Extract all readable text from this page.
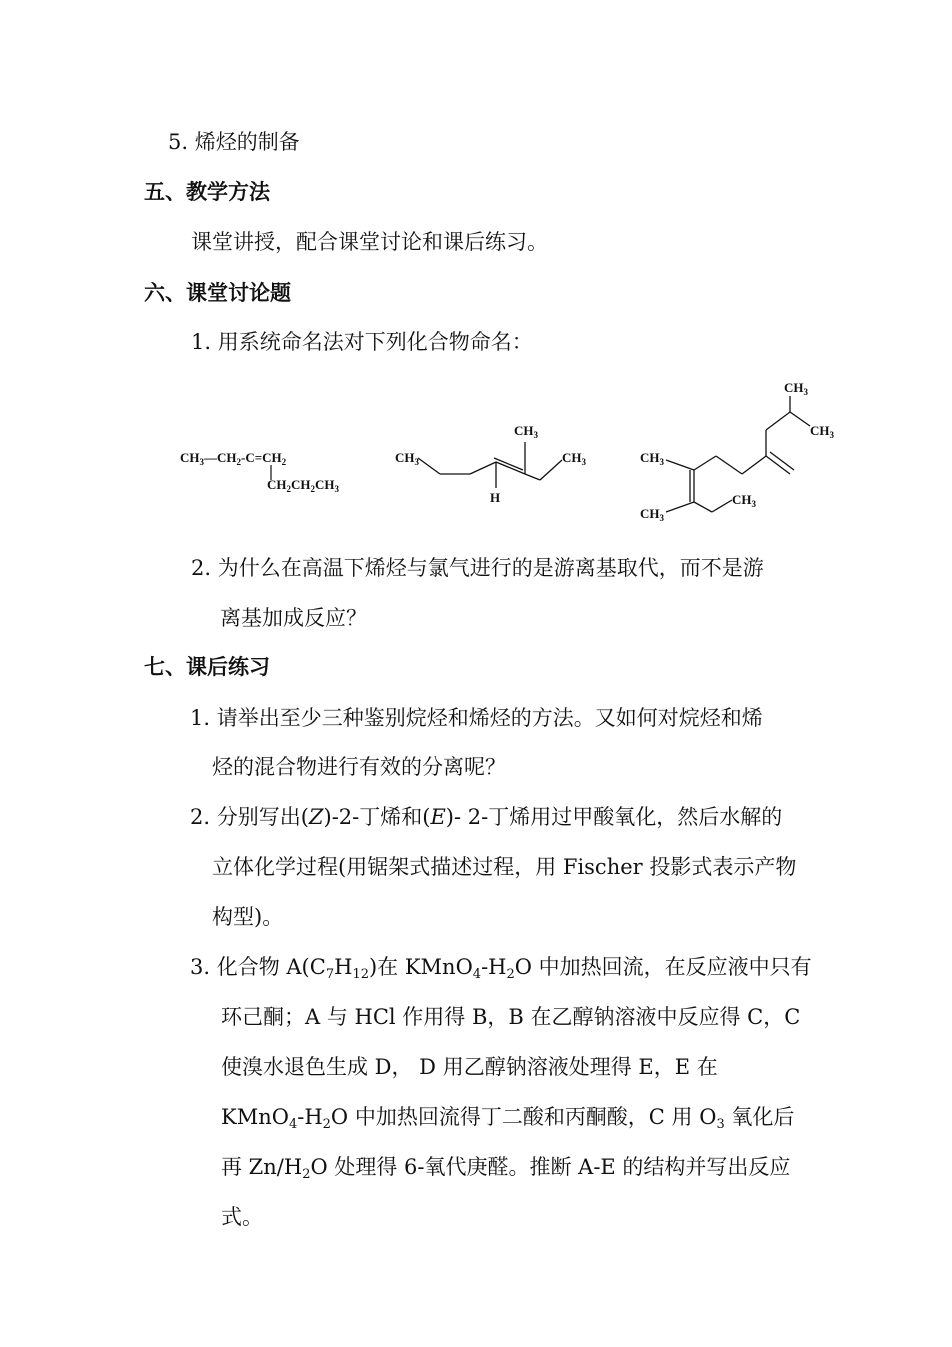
5. 烯烃的制备
五、教学方法
课堂讲授，配合课堂讨论和课后练习。
六、课堂讨论题
1. 用系统命名法对下列化合物命名：
$CH_3—CH_2-C=CH_2$
$CH_2CH_2CH_3$
$CH_3$
$CH_3$	$CH_3$
H
$CH_3$
$CH_3$
$CH_3$
$CH_3$
$CH_3$
2. 为什么在高温下烯烃与氯气进行的是游离基取代，而不是游
离基加成反应？
七、课后练习
1. 请举出至少三种鉴别烷烃和烯烃的方法。又如何对烷烃和烯
烃的混合物进行有效的分离呢？
2. 分别写出(Z)-2-丁烯和(E)- 2-丁烯用过甲酸氧化，然后水解的
立体化学过程(用锯架式描述过程，用 Fischer 投影式表示产物
构型)。
3. 化合物 $A(C_7H_{12})$在 $KMnO_4-H_2O$ 中加热回流，在反应液中只有
环己酮；A 与 HCl 作用得 B，B 在乙醇钠溶液中反应得 C，C
使溴水退色生成 D， D 用乙醇钠溶液处理得 E，E 在
$KMnO_4-H_2O$ 中加热回流得丁二酸和丙酮酸，C 用 $O_3$ 氧化后
再 $Zn/H_2O$ 处理得 6-氧代庚醛。推断 A-E 的结构并写出反应
式。
